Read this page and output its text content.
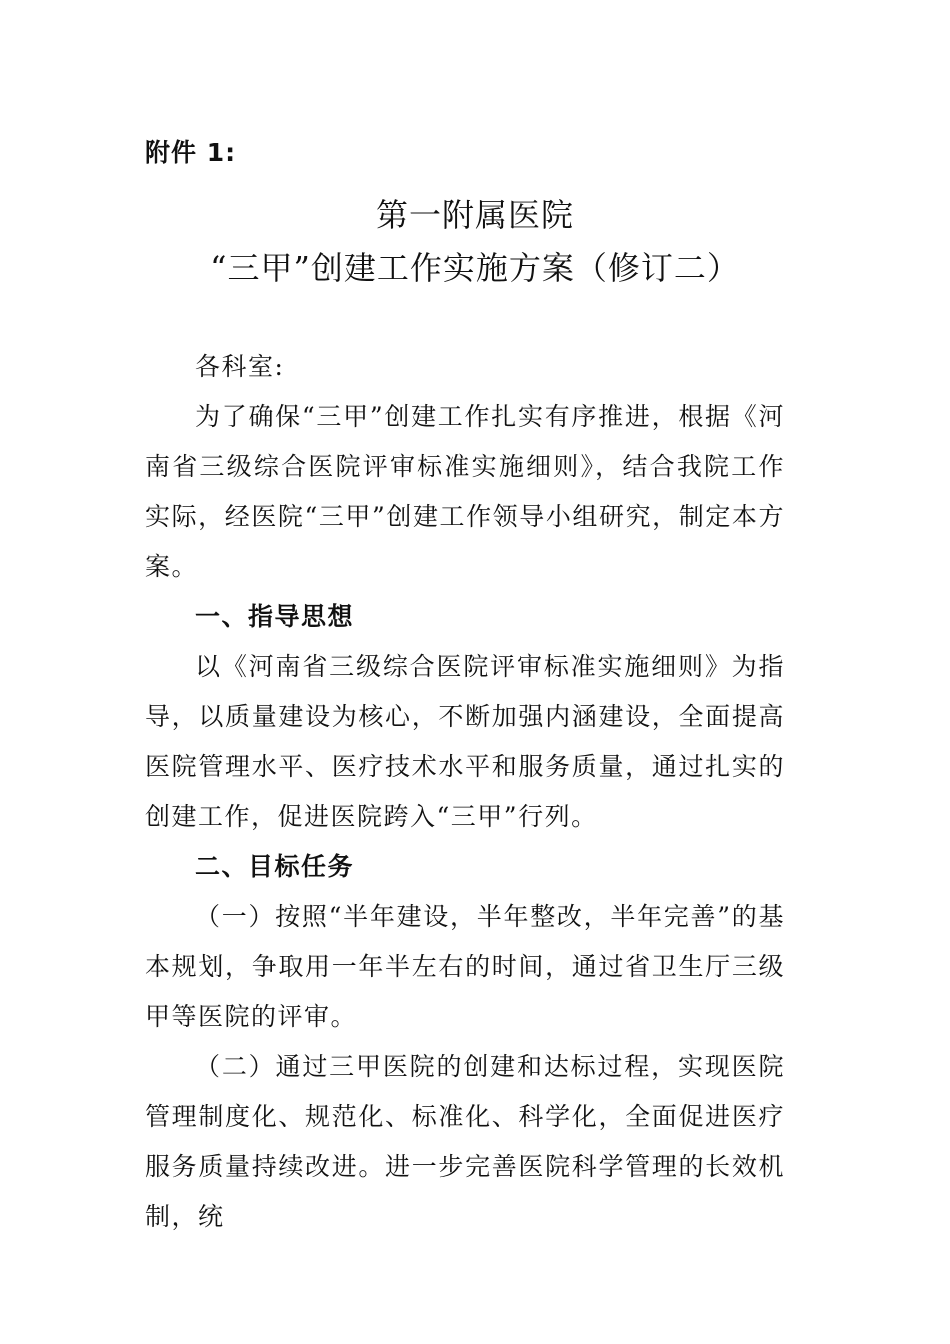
附件 1:
第一附属医院
“三甲”创建工作实施方案（修订二）

各科室:

为了确保“三甲”创建工作扎实有序推进，根据《河南省三级综合医院评审标准实施细则》，结合我院工作实际，经医院“三甲”创建工作领导小组研究，制定本方案。

一、指导思想

以《河南省三级综合医院评审标准实施细则》为指导，以质量建设为核心，不断加强内涵建设，全面提高医院管理水平、医疗技术水平和服务质量，通过扎实的创建工作，促进医院跨入“三甲”行列。

二、目标任务

（一）按照“半年建设，半年整改，半年完善”的基本规划，争取用一年半左右的时间，通过省卫生厅三级甲等医院的评审。

（二）通过三甲医院的创建和达标过程，实现医院管理制度化、规范化、标准化、科学化，全面促进医疗服务质量持续改进。进一步完善医院科学管理的长效机制，统
